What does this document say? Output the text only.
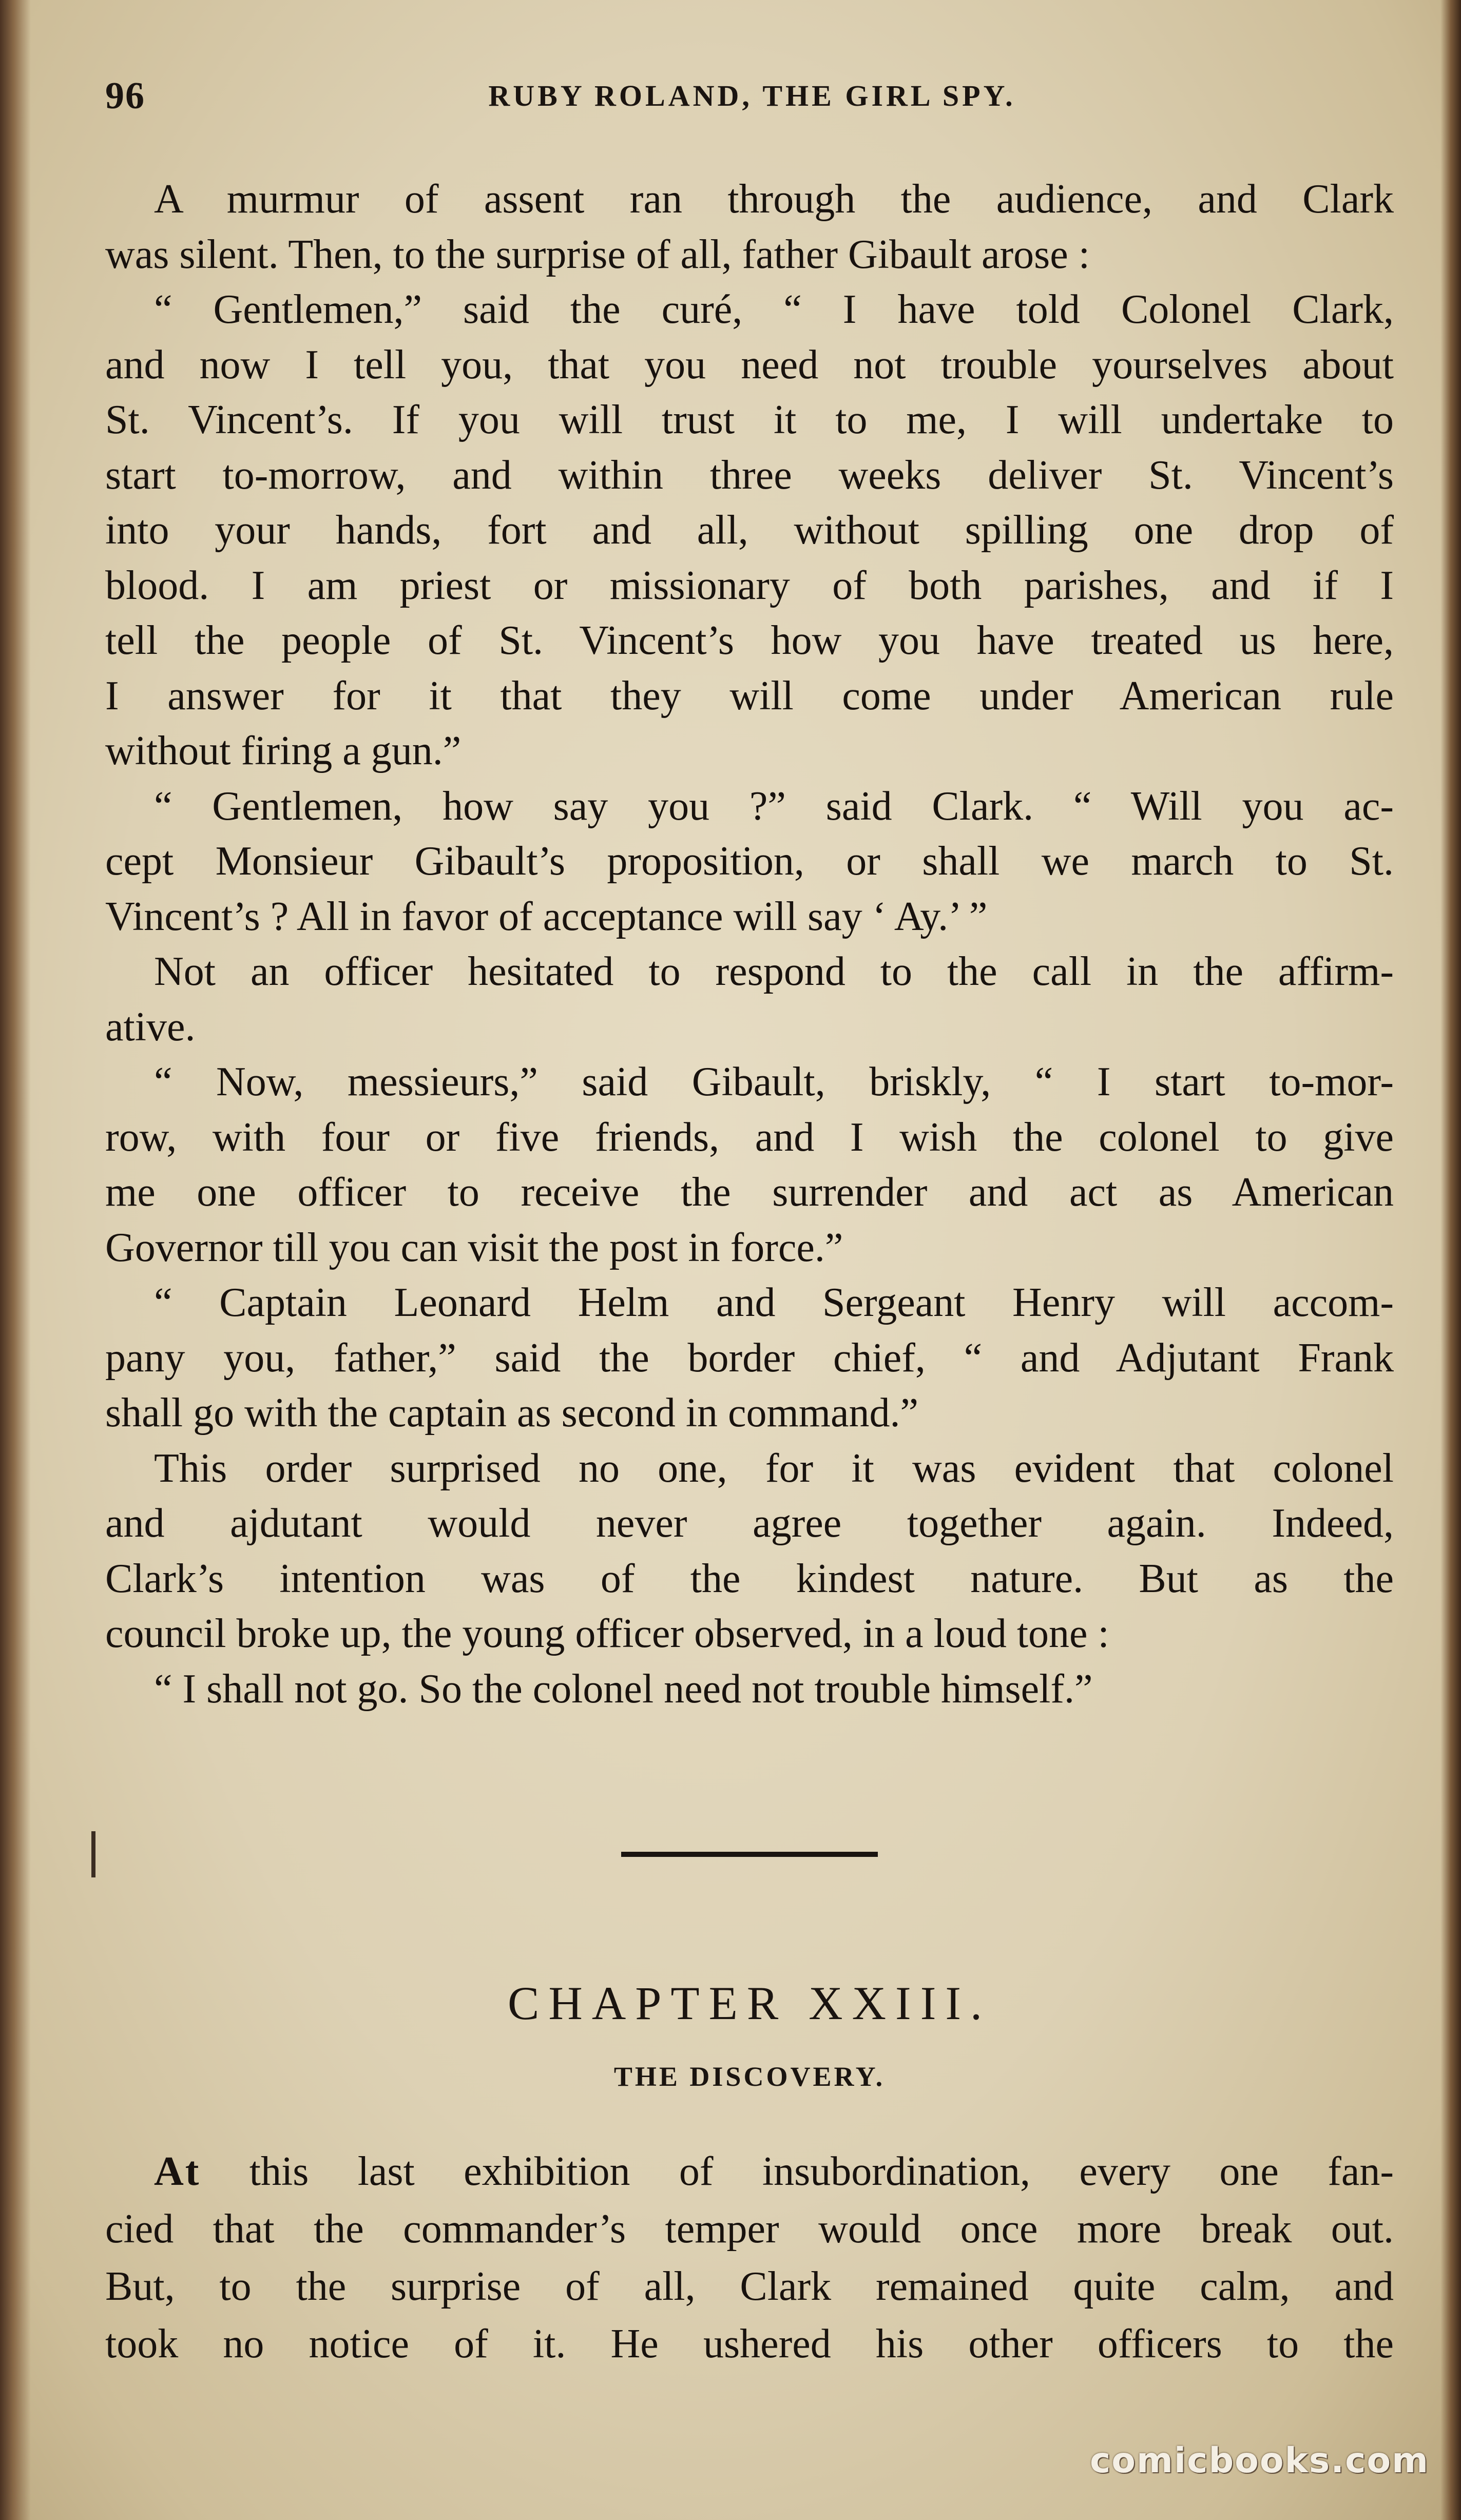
96	RUBY ROLAND, THE GIRL SPY.

A murmur of assent ran through the audience, and Clark
was silent. Then, to the surprise of all, father Gibault arose :

“ Gentlemen,” said the curé, “ I have told Colonel Clark,
and now I tell you, that you need not trouble yourselves about
St. Vincent’s. If you will trust it to me, I will undertake to
start to-morrow, and within three weeks deliver St. Vincent’s
into your hands, fort and all, without spilling one drop of
blood. I am priest or missionary of both parishes, and if I
tell the people of St. Vincent’s how you have treated us here,
I answer for it that they will come under American rule
without firing a gun.”

“ Gentlemen, how say you ?” said Clark. “ Will you ac-
cept Monsieur Gibault’s proposition, or shall we march to St.
Vincent’s ? All in favor of acceptance will say ‘ Ay.’ ”

Not an officer hesitated to respond to the call in the affirm-
ative.

“ Now, messieurs,” said Gibault, briskly, “ I start to-mor-
row, with four or five friends, and I wish the colonel to give
me one officer to receive the surrender and act as American
Governor till you can visit the post in force.”

“ Captain Leonard Helm and Sergeant Henry will accom-
pany you, father,” said the border chief, “ and Adjutant Frank
shall go with the captain as second in command.”

This order surprised no one, for it was evident that colonel
and ajdutant would never agree together again. Indeed,
Clark’s intention was of the kindest nature. But as the
council broke up, the young officer observed, in a loud tone :

“ I shall not go. So the colonel need not trouble himself.”

CHAPTER XXIII.
THE DISCOVERY.
At this last exhibition of insubordination, every one fan-
cied that the commander’s temper would once more break out.
But, to the surprise of all, Clark remained quite calm, and
took no notice of it. He ushered his other officers to the
comicbooks.com
